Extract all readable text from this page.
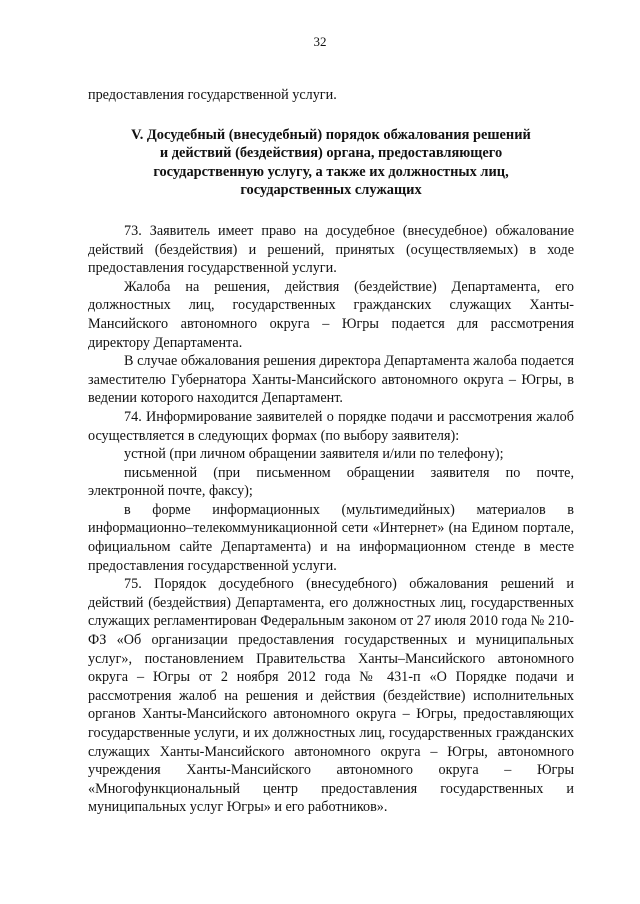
32

предоставления государственной услуги.

V. Досудебный (внесудебный) порядок обжалования решений
и действий (бездействия) органа, предоставляющего
государственную услугу, а также их должностных лиц,
государственных служащих

73. Заявитель имеет право на досудебное (внесудебное) обжалование действий (бездействия) и решений, принятых (осуществляемых) в ходе предоставления государственной услуги.

Жалоба на решения, действия (бездействие) Департамента, его должностных лиц, государственных гражданских служащих Ханты-Мансийского автономного округа – Югры подается для рассмотрения директору Департамента.

В случае обжалования решения директора Департамента жалоба подается заместителю Губернатора Ханты-Мансийского автономного округа – Югры, в ведении которого находится Департамент.

74. Информирование заявителей о порядке подачи и рассмотрения жалоб осуществляется в следующих формах (по выбору заявителя):

устной (при личном обращении заявителя и/или по телефону);

письменной (при письменном обращении заявителя по почте, электронной почте, факсу);

в форме информационных (мультимедийных) материалов в информационно–телекоммуникационной сети «Интернет» (на Едином портале, официальном сайте Департамента) и на информационном стенде в месте предоставления государственной услуги.

75. Порядок досудебного (внесудебного) обжалования решений и действий (бездействия) Департамента, его должностных лиц, государственных служащих регламентирован Федеральным законом от 27 июля 2010 года № 210-ФЗ «Об организации предоставления государственных и муниципальных услуг», постановлением Правительства Ханты–Мансийского автономного округа – Югры от 2 ноября 2012 года № 431-п «О Порядке подачи и рассмотрения жалоб на решения и действия (бездействие) исполнительных органов Ханты-Мансийского автономного округа – Югры, предоставляющих государственные услуги, и их должностных лиц, государственных гражданских служащих Ханты-Мансийского автономного округа – Югры, автономного учреждения Ханты-Мансийского автономного округа – Югры «Многофункциональный центр предоставления государственных и муниципальных услуг Югры» и его работников».
